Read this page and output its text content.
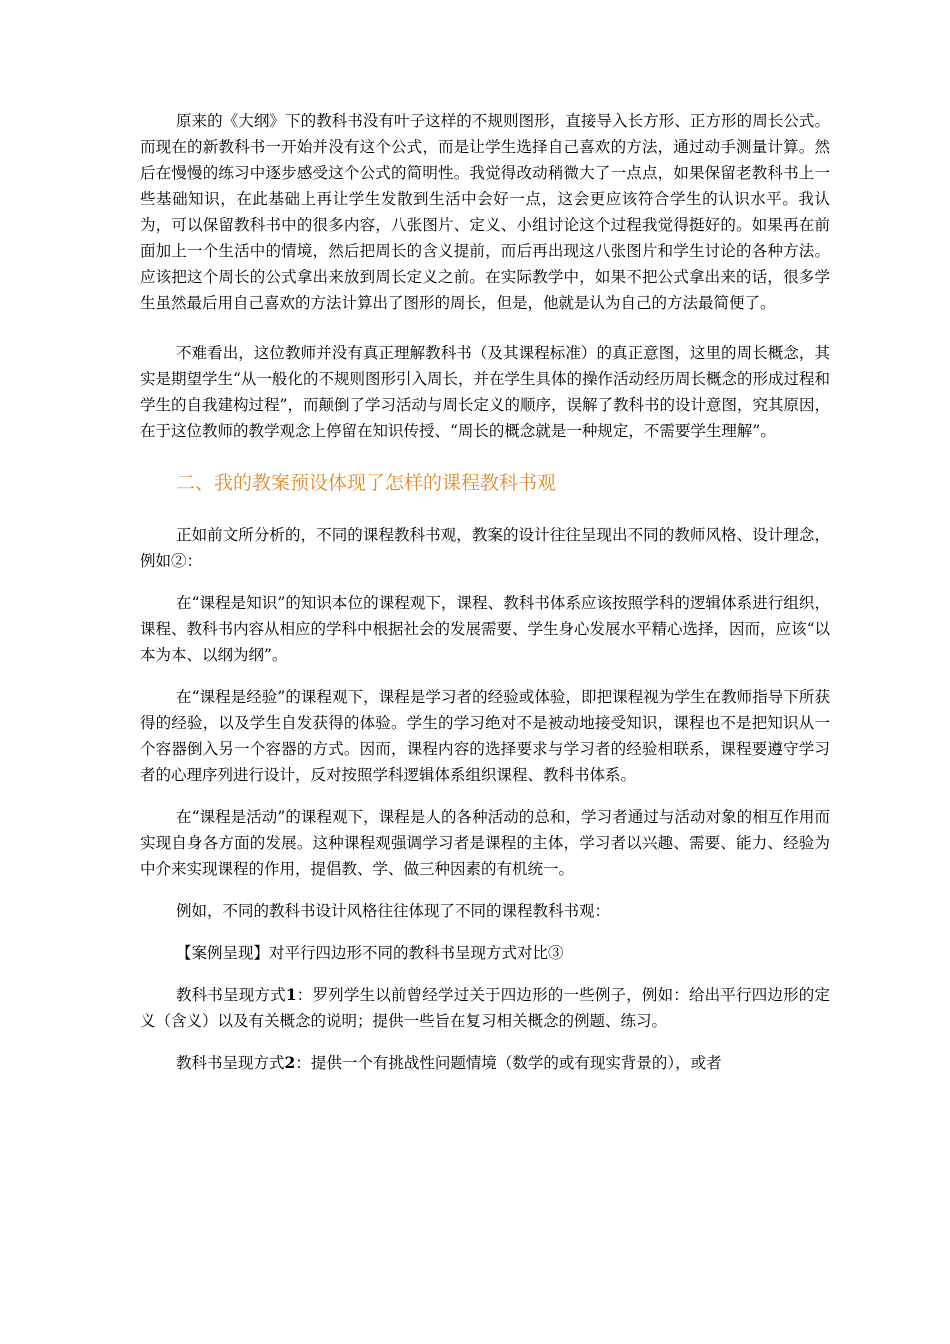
原来的《大纲》下的教科书没有叶子这样的不规则图形，直接导入长方形、正方形的周长公式。而现在的新教科书一开始并没有这个公式，而是让学生选择自己喜欢的方法，通过动手测量计算。然后在慢慢的练习中逐步感受这个公式的简明性。我觉得改动稍微大了一点点，如果保留老教科书上一些基础知识，在此基础上再让学生发散到生活中会好一点，这会更应该符合学生的认识水平。我认为，可以保留教科书中的很多内容，八张图片、定义、小组讨论这个过程我觉得挺好的。如果再在前面加上一个生活中的情境，然后把周长的含义提前，而后再出现这八张图片和学生讨论的各种方法。应该把这个周长的公式拿出来放到周长定义之前。在实际教学中，如果不把公式拿出来的话，很多学生虽然最后用自己喜欢的方法计算出了图形的周长，但是，他就是认为自己的方法最简便了。

不难看出，这位教师并没有真正理解教科书（及其课程标准）的真正意图，这里的周长概念，其实是期望学生“从一般化的不规则图形引入周长，并在学生具体的操作活动经历周长概念的形成过程和学生的自我建构过程”，而颠倒了学习活动与周长定义的顺序，误解了教科书的设计意图，究其原因，在于这位教师的教学观念上停留在知识传授、“周长的概念就是一种规定，不需要学生理解”。

二、我的教案预设体现了怎样的课程教科书观

正如前文所分析的，不同的课程教科书观，教案的设计往往呈现出不同的教师风格、设计理念，例如②：

在“课程是知识”的知识本位的课程观下，课程、教科书体系应该按照学科的逻辑体系进行组织，课程、教科书内容从相应的学科中根据社会的发展需要、学生身心发展水平精心选择，因而，应该“以本为本、以纲为纲”。

在“课程是经验”的课程观下，课程是学习者的经验或体验，即把课程视为学生在教师指导下所获得的经验，以及学生自发获得的体验。学生的学习绝对不是被动地接受知识，课程也不是把知识从一个容器倒入另一个容器的方式。因而，课程内容的选择要求与学习者的经验相联系，课程要遵守学习者的心理序列进行设计，反对按照学科逻辑体系组织课程、教科书体系。

在“课程是活动”的课程观下，课程是人的各种活动的总和，学习者通过与活动对象的相互作用而实现自身各方面的发展。这种课程观强调学习者是课程的主体，学习者以兴趣、需要、能力、经验为中介来实现课程的作用，提倡教、学、做三种因素的有机统一。

例如，不同的教科书设计风格往往体现了不同的课程教科书观：

【案例呈现】对平行四边形不同的教科书呈现方式对比③

教科书呈现方式1：罗列学生以前曾经学过关于四边形的一些例子，例如：给出平行四边形的定义（含义）以及有关概念的说明；提供一些旨在复习相关概念的例题、练习。

教科书呈现方式2：提供一个有挑战性问题情境（数学的或有现实背景的），或者
